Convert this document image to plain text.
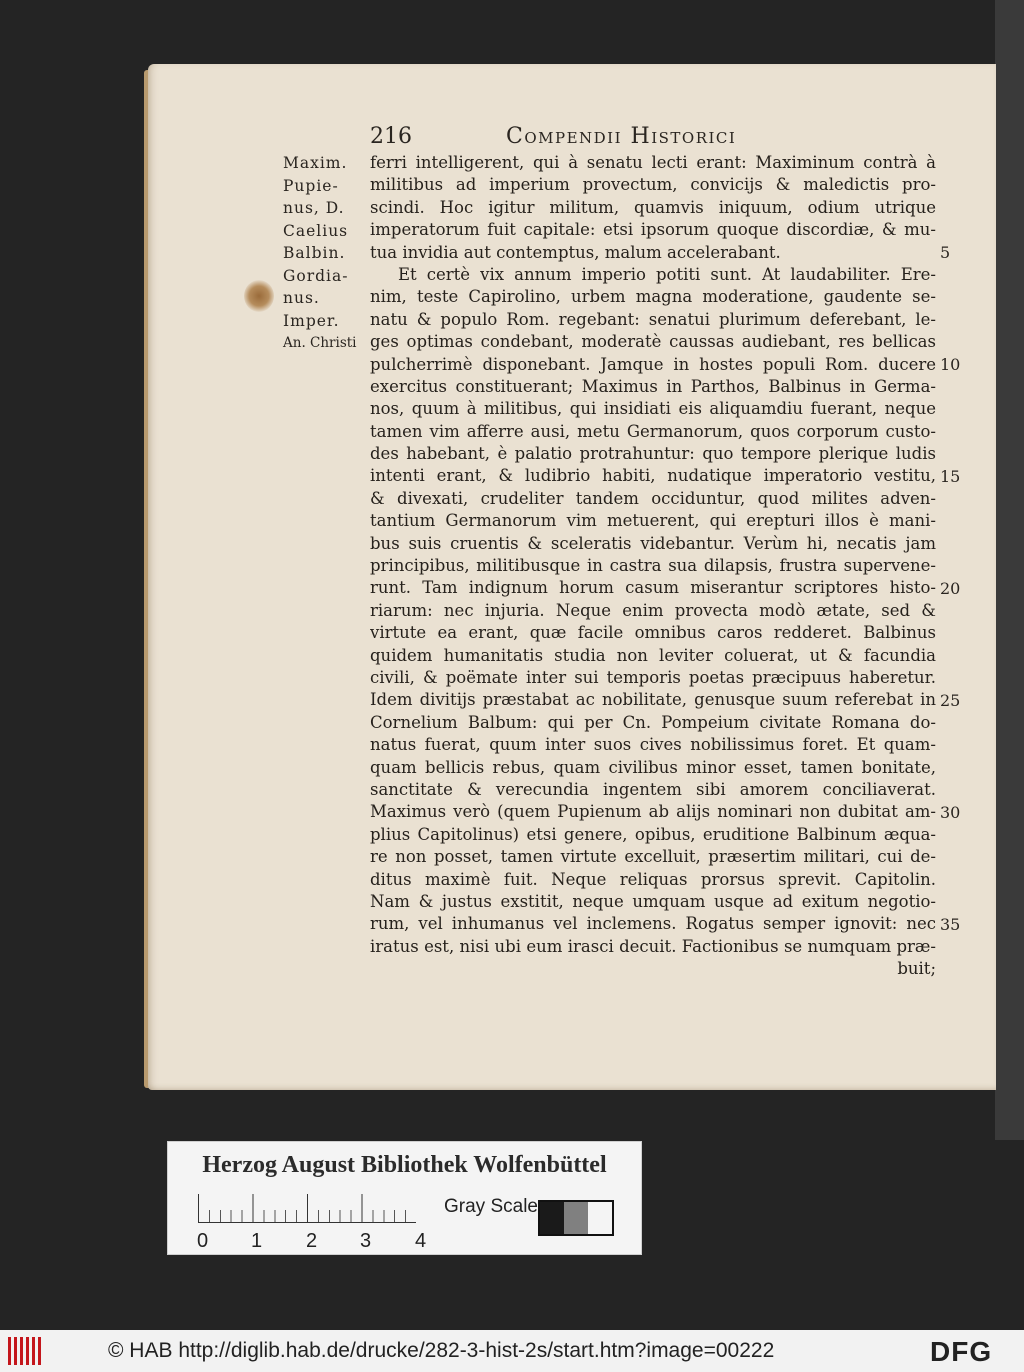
216	Compendii Historici
Maxim.
Pupie-
nus, D.
Caelius
Balbin.
Gordia-
nus.
Imper.
An. Christi
ferri intelligerent, qui à senatu lecti erant: Maximinum contrà à
militibus ad imperium provectum, convicijs & maledictis pro-
scindi. Hoc igitur militum, quamvis iniquum, odium utrique
imperatorum fuit capitale: etsi ipsorum quoque discordiæ, & mu-
tua invidia aut contemptus, malum accelerabant.
Et certè vix annum imperio potiti sunt. At laudabiliter. Ere-
nim, teste Capirolino, urbem magna moderatione, gaudente se-
natu & populo Rom. regebant: senatui plurimum deferebant, le-
ges optimas condebant, moderatè caussas audiebant, res bellicas
pulcherrimè disponebant. Jamque in hostes populi Rom. ducere
exercitus constituerant; Maximus in Parthos, Balbinus in Germa-
nos, quum à militibus, qui insidiati eis aliquamdiu fuerant, neque
tamen vim afferre ausi, metu Germanorum, quos corporum custo-
des habebant, è palatio protrahuntur: quo tempore plerique ludis
intenti erant, & ludibrio habiti, nudatique imperatorio vestitu,
& divexati, crudeliter tandem occiduntur, quod milites adven-
tantium Germanorum vim metuerent, qui erepturi illos è mani-
bus suis cruentis & sceleratis videbantur. Verùm hi, necatis jam
principibus, militibusque in castra sua dilapsis, frustra supervene-
runt. Tam indignum horum casum miserantur scriptores histo-
riarum: nec injuria. Neque enim provecta modò ætate, sed &
virtute ea erant, quæ facile omnibus caros redderet. Balbinus
quidem humanitatis studia non leviter coluerat, ut & facundia
civili, & poëmate inter sui temporis poetas præcipuus haberetur.
Idem divitijs præstabat ac nobilitate, genusque suum referebat in
Cornelium Balbum: qui per Cn. Pompeium civitate Romana do-
natus fuerat, quum inter suos cives nobilissimus foret. Et quam-
quam bellicis rebus, quam civilibus minor esset, tamen bonitate,
sanctitate & verecundia ingentem sibi amorem conciliaverat.
Maximus verò (quem Pupienum ab alijs nominari non dubitat am-
plius Capitolinus) etsi genere, opibus, eruditione Balbinum æqua-
re non posset, tamen virtute excelluit, præsertim militari, cui de-
ditus maximè fuit. Neque reliquas prorsus sprevit. Capitolin.
Nam & justus exstitit, neque umquam usque ad exitum negotio-
rum, vel inhumanus vel inclemens. Rogatus semper ignovit: nec
iratus est, nisi ubi eum irasci decuit. Factionibus se numquam præ-
buit;
5
10
15
20
25
30
35
Herzog August Bibliothek Wolfenbüttel
0 1 2 3 4
Gray Scale
© HAB http://diglib.hab.de/drucke/282-3-hist-2s/start.htm?image=00222	DFG
